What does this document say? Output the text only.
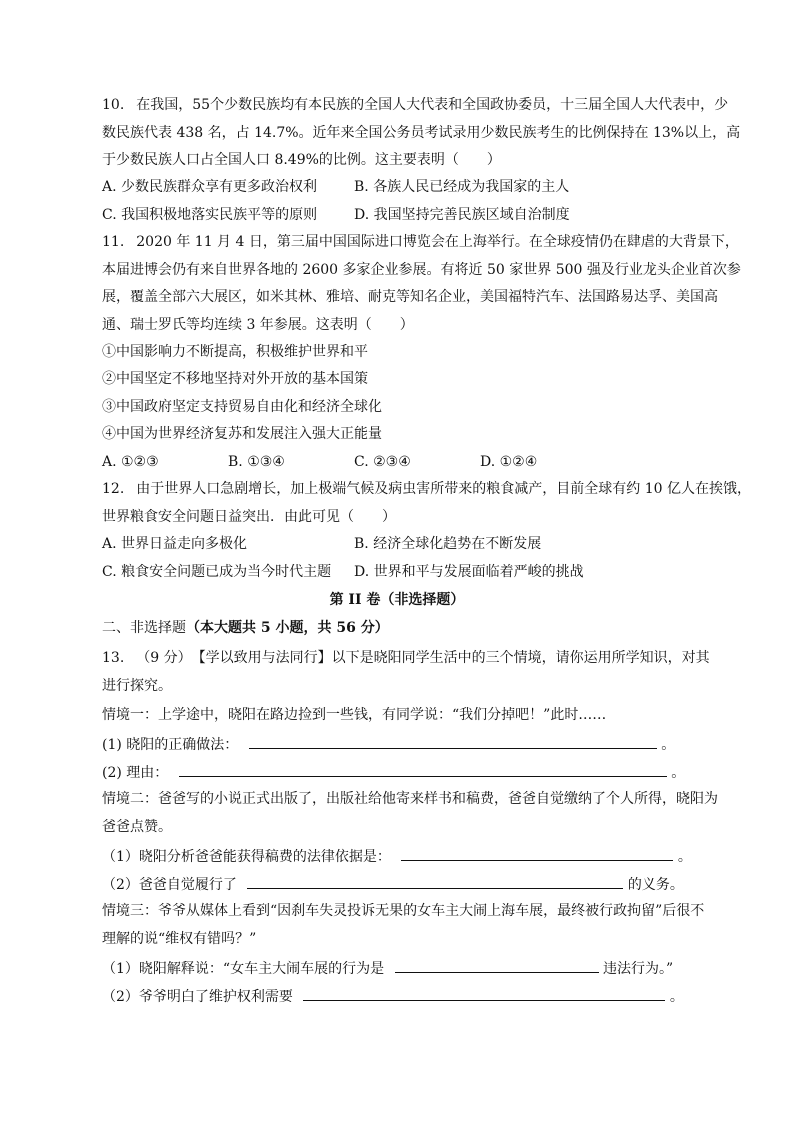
10. 在我国，55个少数民族均有本民族的全国人大代表和全国政协委员，十三届全国人大代表中，少
数民族代表 438 名，占 14.7%。近年来全国公务员考试录用少数民族考生的比例保持在 13%以上，高
于少数民族人口占全国人口 8.49%的比例。这主要表明（　　）
A. 少数民族群众享有更多政治权利	B. 各族人民已经成为我国家的主人
C. 我国积极地落实民族平等的原则	D. 我国坚持完善民族区域自治制度
11. 2020 年 11 月 4 日，第三届中国国际进口博览会在上海举行。在全球疫情仍在肆虐的大背景下，
本届进博会仍有来自世界各地的 2600 多家企业参展。有将近 50 家世界 500 强及行业龙头企业首次参
展，覆盖全部六大展区，如米其林、雅培、耐克等知名企业，美国福特汽车、法国路易达孚、美国高
通、瑞士罗氏等均连续 3 年参展。这表明（　　）
①中国影响力不断提高，积极维护世界和平
②中国坚定不移地坚持对外开放的基本国策
③中国政府坚定支持贸易自由化和经济全球化
④中国为世界经济复苏和发展注入强大正能量
A. ①②③	B. ①③④	C. ②③④	D. ①②④
12. 由于世界人口急剧增长，加上极端气候及病虫害所带来的粮食减产，目前全球有约 10 亿人在挨饿，
世界粮食安全问题日益突出．由此可见（　　）
A. 世界日益走向多极化	B. 经济全球化趋势在不断发展
C. 粮食安全问题已成为当今时代主题 D. 世界和平与发展面临着严峻的挑战
第 II 卷（非选择题）
二、非选择题（本大题共 5 小题，共 56 分）
13. （9 分）　【学以致用与法同行】以下是晓阳同学生活中的三个情境，请你运用所学知识，对其
进行探究。
情境一：上学途中，晓阳在路边捡到一些钱，有同学说：“我们分掉吧！”此时……
(1) 晓阳的正确做法：	。
(2) 理由：	。
情境二：爸爸写的小说正式出版了，出版社给他寄来样书和稿费，爸爸自觉缴纳了个人所得，晓阳为
爸爸点赞。
（1）晓阳分析爸爸能获得稿费的法律依据是：	。
（2）爸爸自觉履行了	的义务。
情境三：爷爷从媒体上看到“因刹车失灵投诉无果的女车主大闹上海车展，最终被行政拘留”后很不
理解的说“维权有错吗？”
（1）晓阳解释说：“女车主大闹车展的行为是	违法行为。”
（2）爷爷明白了维护权利需要	。
